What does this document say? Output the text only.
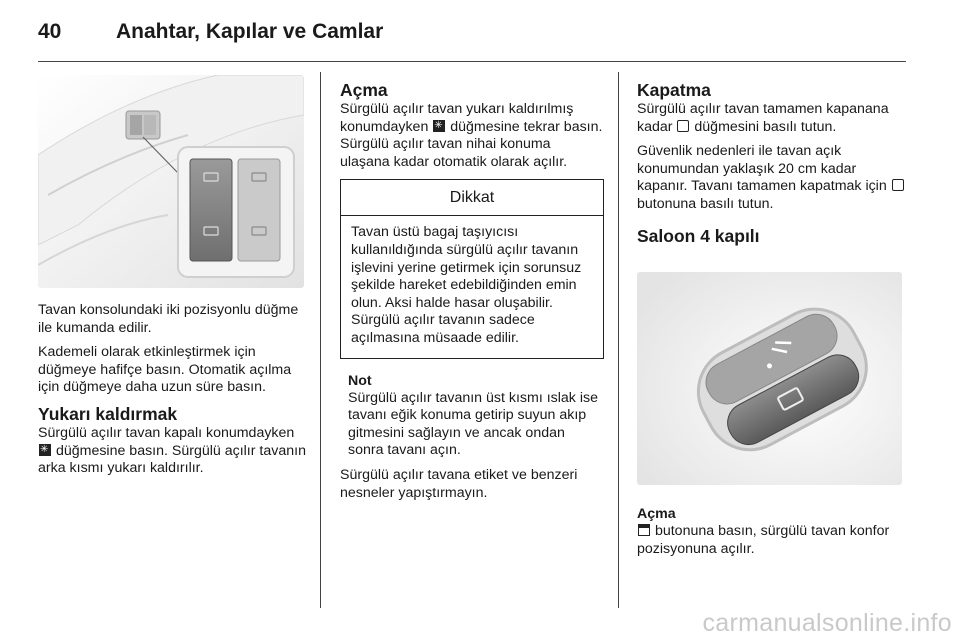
40	Anahtar, Kapılar ve Camlar

Tavan konsolundaki iki pozisyonlu düğme ile kumanda edilir.

Kademeli olarak etkinleştirmek için düğmeye hafifçe basın. Otomatik açılma için düğmeye daha uzun süre basın.

Yukarı kaldırmak

Sürgülü açılır tavan kapalı konumdayken ✳ düğmesine basın. Sürgülü açılır tavanın arka kısmı yukarı kaldırılır.

Açma

Sürgülü açılır tavan yukarı kaldırılmış konumdayken ✳ düğmesine tekrar basın. Sürgülü açılır tavan nihai konuma ulaşana kadar otomatik olarak açılır.

Dikkat
Tavan üstü bagaj taşıyıcısı kullanıldığında sürgülü açılır tavanın işlevini yerine getirmek için sorunsuz şekilde hareket edebildiğinden emin olun. Aksi halde hasar oluşabilir. Sürgülü açılır tavanın sadece açılmasına müsaade edilir.
Not
Sürgülü açılır tavanın üst kısmı ıslak ise tavanı eğik konuma getirip suyun akıp gitmesini sağlayın ve ancak ondan sonra tavanı açın.

Sürgülü açılır tavana etiket ve benzeri nesneler yapıştırmayın.

Kapatma

Sürgülü açılır tavan tamamen kapanana kadar düğmesini basılı tutun.

Güvenlik nedenleri ile tavan açık konumundan yaklaşık 20 cm kadar kapanır. Tavanı tamamen kapatmak için  butonuna basılı tutun.

Saloon 4 kapılı
Açma

butonuna basın, sürgülü tavan konfor pozisyonuna açılır.

carmanualsonline.info
